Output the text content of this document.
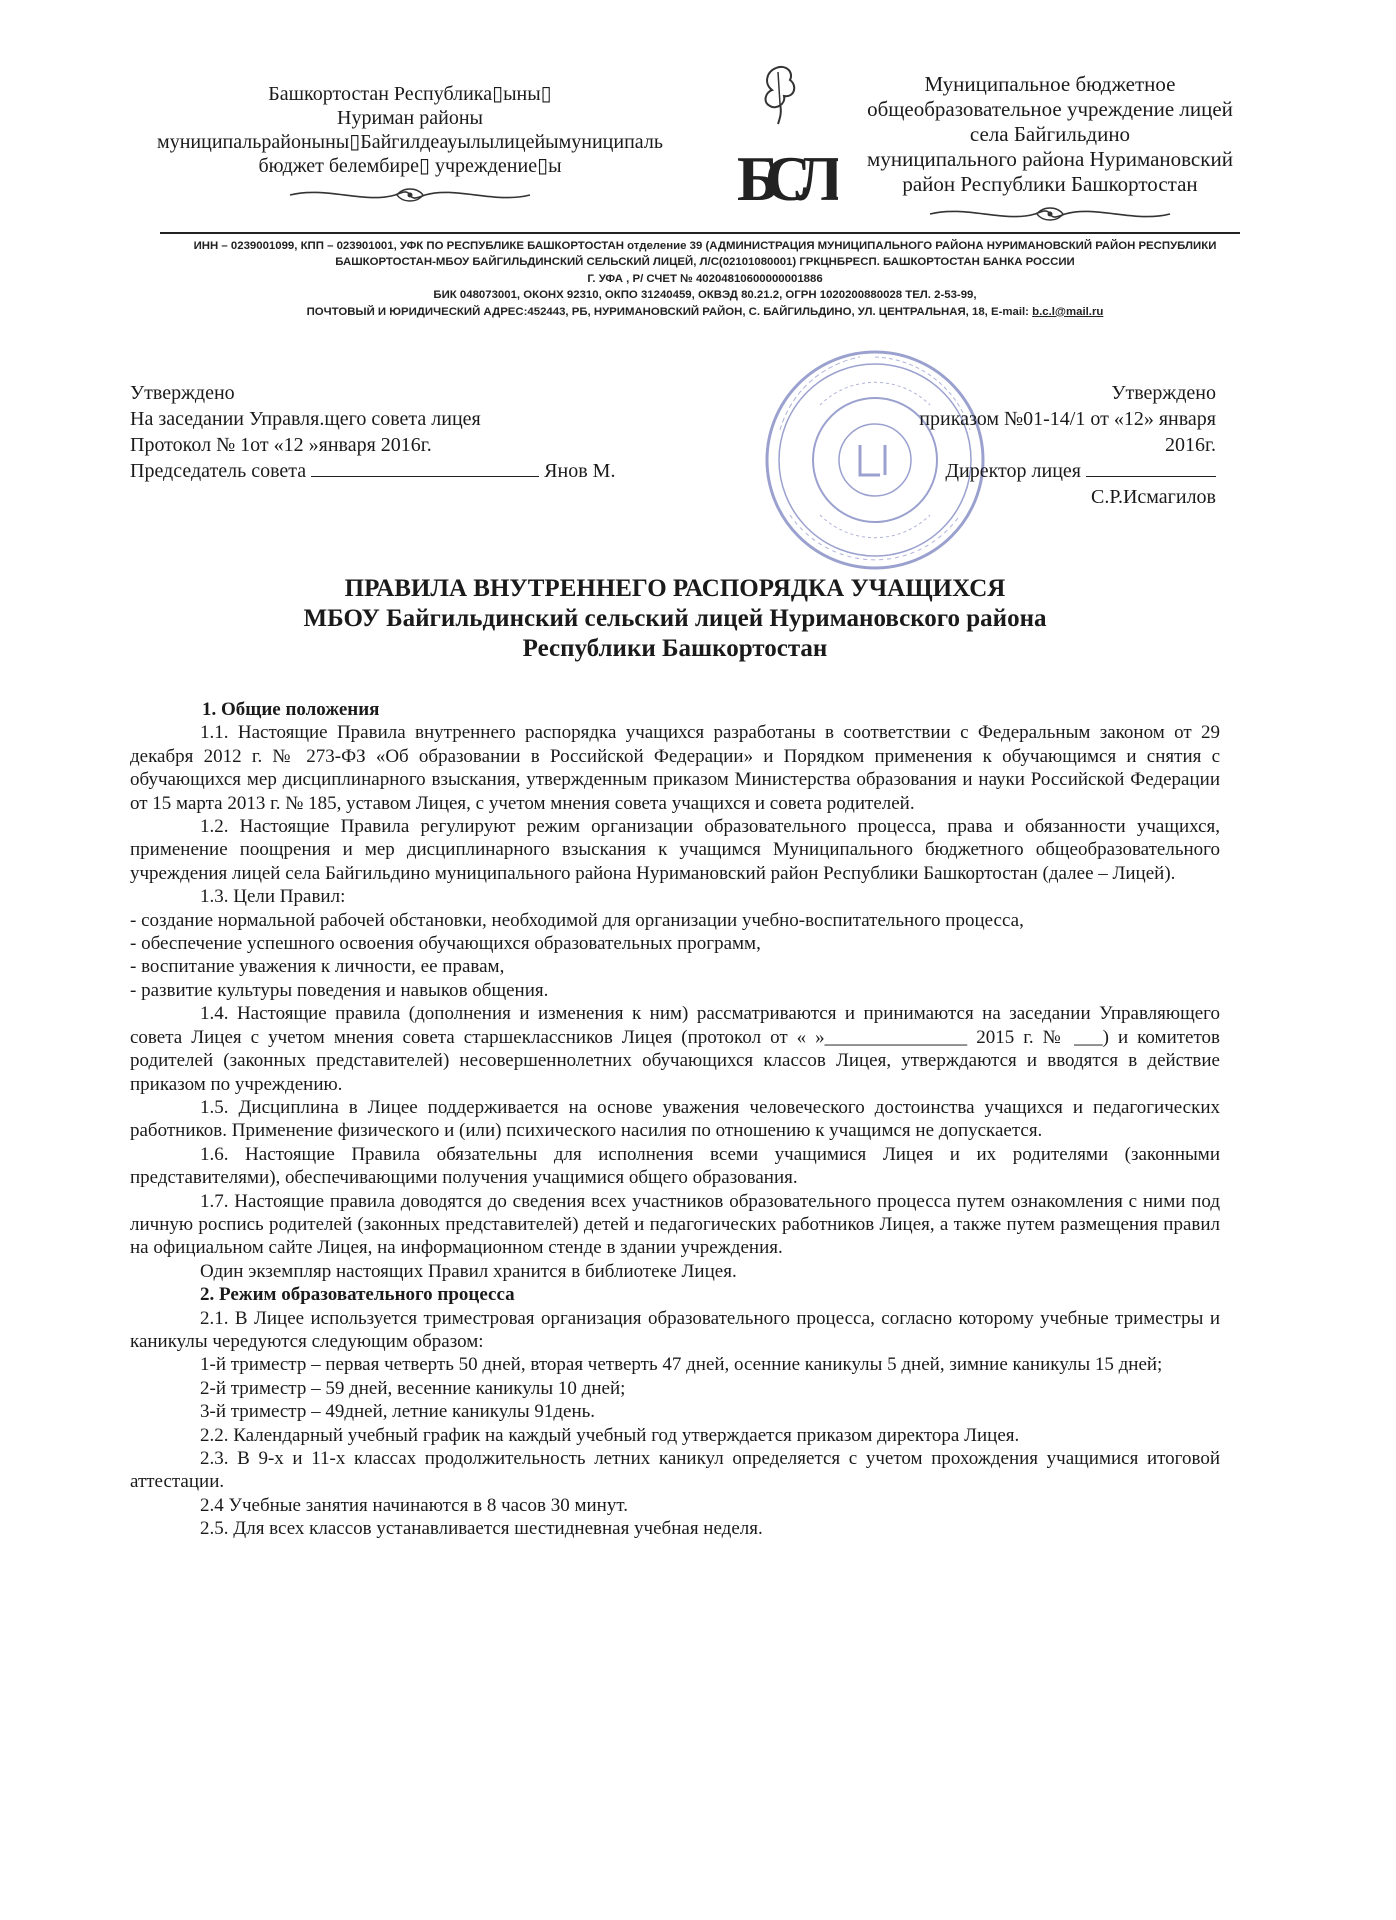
Башкортостан Республика▯ыны▯
Нуриман районы
муниципальрайоныны▯Байгилдеауылылицейымуниципаль
бюджет белембире▯ учреждение▯ы	БСЛ
Муниципальное бюджетное
общеобразовательное учреждение лицей
села Байгильдино
муниципального района Нуримановский
район Республики Башкортостан
ИНН – 0239001099, КПП – 023901001, УФК ПО РЕСПУБЛИКЕ БАШКОРТОСТАН отделение 39 (АДМИНИСТРАЦИЯ МУНИЦИПАЛЬНОГО РАЙОНА НУРИМАНОВСКИЙ РАЙОН РЕСПУБЛИКИ
БАШКОРТОСТАН-МБОУ БАЙГИЛЬДИНСКИЙ СЕЛЬСКИЙ ЛИЦЕЙ, Л/С(02101080001) ГРКЦНБРЕСП. БАШКОРТОСТАН БАНКА РОССИИ
Г. УФА , Р/ СЧЕТ № 40204810600000001886
БИК 048073001, ОКОНХ 92310, ОКПО 31240459, ОКВЭД 80.21.2, ОГРН 1020200880028 ТЕЛ. 2-53-99,
ПОЧТОВЫЙ И ЮРИДИЧЕСКИЙ АДРЕС:452443, РБ, НУРИМАНОВСКИЙ РАЙОН, С. БАЙГИЛЬДИНО, УЛ. ЦЕНТРАЛЬНАЯ, 18, E-mail: b.c.l@mail.ru
Утверждено
На заседании Управля.щего совета лицея
Протокол № 1от «12 »января 2016г.
Председатель совета	Янов М.
Утверждено
приказом №01-14/1 от «12» января
2016г.
Директор лицея
С.Р.Исмагилов
ПРАВИЛА ВНУТРЕННЕГО РАСПОРЯДКА УЧАЩИХСЯ
МБОУ Байгильдинский сельский лицей Нуримановского района
Республики Башкортостан

1. Общие положения

1.1. Настоящие Правила внутреннего распорядка учащихся разработаны в соответствии с Федеральным законом от 29 декабря 2012 г. № 273-ФЗ «Об образовании в Российской Федерации» и Порядком применения к обучающимся и снятия с обучающихся мер дисциплинарного взыскания, утвержденным приказом Министерства образования и науки Российской Федерации от 15 марта 2013 г. № 185, уставом Лицея, с учетом мнения совета учащихся и совета родителей.

1.2. Настоящие Правила регулируют режим организации образовательного процесса, права и обязанности учащихся, применение поощрения и мер дисциплинарного взыскания к учащимся Муниципального бюджетного общеобразовательного учреждения лицей села Байгильдино муниципального района Нуримановский район Республики Башкортостан (далее – Лицей).

1.3. Цели Правил:

- создание нормальной рабочей обстановки, необходимой для организации учебно-воспитательного процесса,

- обеспечение успешного освоения обучающихся образовательных программ,

- воспитание уважения к личности, ее правам,

- развитие культуры поведения и навыков общения.

1.4. Настоящие правила (дополнения и изменения к ним) рассматриваются и принимаются на заседании Управляющего совета Лицея с учетом мнения совета старшеклассников Лицея (протокол от « »_______________ 2015 г. № ___) и комитетов родителей (законных представителей) несовершеннолетних обучающихся классов Лицея, утверждаются и вводятся в действие приказом по учреждению.

1.5. Дисциплина в Лицее поддерживается на основе уважения человеческого достоинства учащихся и педагогических работников. Применение физического и (или) психического насилия по отношению к учащимся не допускается.

1.6. Настоящие Правила обязательны для исполнения всеми учащимися Лицея и их родителями (законными представителями), обеспечивающими получения учащимися общего образования.

1.7. Настоящие правила доводятся до сведения всех участников образовательного процесса путем ознакомления с ними под личную роспись родителей (законных представителей) детей и педагогических работников Лицея, а также путем размещения правил на официальном сайте Лицея, на информационном стенде в здании учреждения.

Один экземпляр настоящих Правил хранится в библиотеке Лицея.

2. Режим образовательного процесса

2.1. В Лицее используется триместровая организация образовательного процесса, согласно которому учебные триместры и каникулы чередуются следующим образом:

1-й триместр – первая четверть 50 дней, вторая четверть 47 дней, осенние каникулы 5 дней, зимние каникулы 15 дней;

2-й триместр – 59 дней, весенние каникулы 10 дней;

3-й триместр – 49дней, летние каникулы 91день.

2.2. Календарный учебный график на каждый учебный год утверждается приказом директора Лицея.

2.3. В 9-х и 11-х классах продолжительность летних каникул определяется с учетом прохождения учащимися итоговой аттестации.

2.4 Учебные занятия начинаются в 8 часов 30 минут.

2.5. Для всех классов устанавливается шестидневная учебная неделя.
